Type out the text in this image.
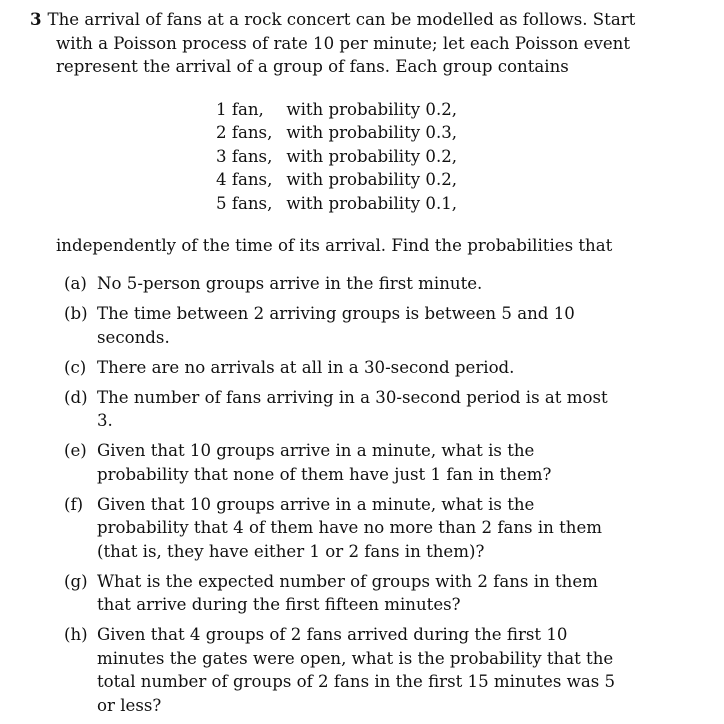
3 The arrival of fans at a rock concert can be modelled as follows. Start
with a Poisson process of rate 10 per minute; let each Poisson event
represent the arrival of a group of fans. Each group contains
1 fan,	with probability 0.2,
2 fans,	with probability 0.3,
3 fans,	with probability 0.2,
4 fans,	with probability 0.2,
5 fans,	with probability 0.1,
independently of the time of its arrival. Find the probabilities that
(a) No 5-person groups arrive in the first minute.
(b) The time between 2 arriving groups is between 5 and 10 seconds.
(c) There are no arrivals at all in a 30-second period.
(d) The number of fans arriving in a 30-second period is at most 3.
(e) Given that 10 groups arrive in a minute, what is the probability that none of them have just 1 fan in them?
(f) Given that 10 groups arrive in a minute, what is the probability that 4 of them have no more than 2 fans in them (that is, they have either 1 or 2 fans in them)?
(g) What is the expected number of groups with 2 fans in them that arrive during the first fifteen minutes?
(h) Given that 4 groups of 2 fans arrived during the first 10 minutes the gates were open, what is the probability that the total number of groups of 2 fans in the first 15 minutes was 5 or less?
